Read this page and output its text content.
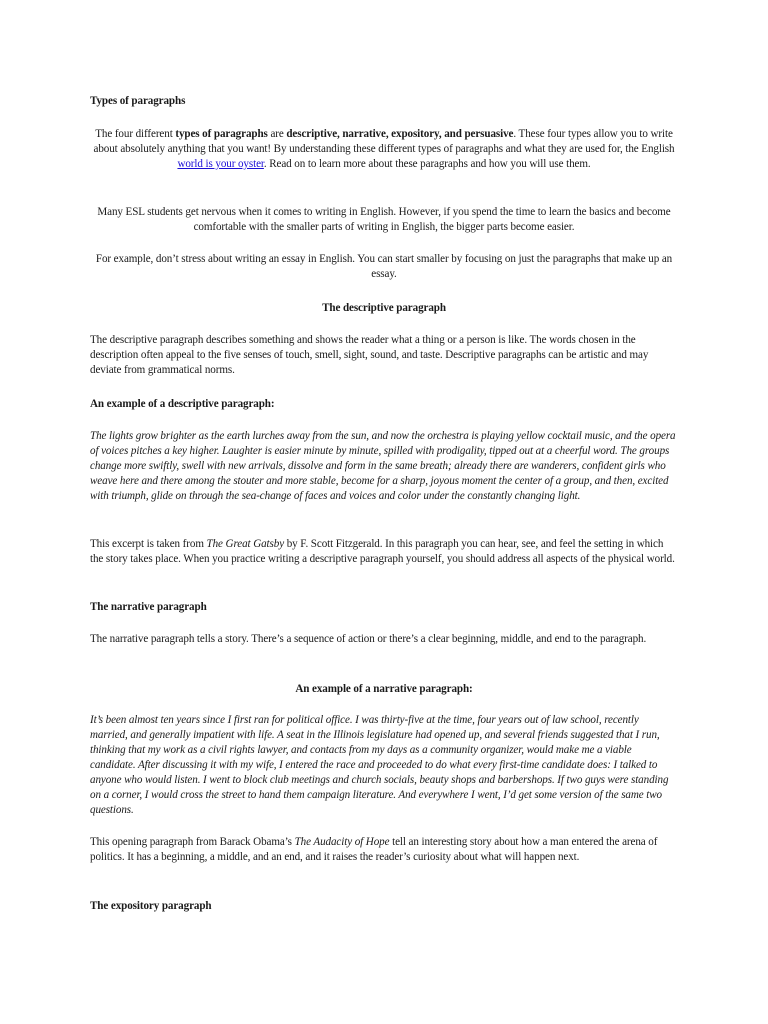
Types of paragraphs

The four different types of paragraphs are descriptive, narrative, expository, and persuasive. These four types allow you to write about absolutely anything that you want! By understanding these different types of paragraphs and what they are used for, the English world is your oyster. Read on to learn more about these paragraphs and how you will use them.

Many ESL students get nervous when it comes to writing in English. However, if you spend the time to learn the basics and become comfortable with the smaller parts of writing in English, the bigger parts become easier.

For example, don’t stress about writing an essay in English. You can start smaller by focusing on just the paragraphs that make up an essay.

The descriptive paragraph

The descriptive paragraph describes something and shows the reader what a thing or a person is like. The words chosen in the description often appeal to the five senses of touch, smell, sight, sound, and taste. Descriptive paragraphs can be artistic and may deviate from grammatical norms.

An example of a descriptive paragraph:

The lights grow brighter as the earth lurches away from the sun, and now the orchestra is playing yellow cocktail music, and the opera of voices pitches a key higher. Laughter is easier minute by minute, spilled with prodigality, tipped out at a cheerful word. The groups change more swiftly, swell with new arrivals, dissolve and form in the same breath; already there are wanderers, confident girls who weave here and there among the stouter and more stable, become for a sharp, joyous moment the center of a group, and then, excited with triumph, glide on through the sea-change of faces and voices and color under the constantly changing light.

This excerpt is taken from The Great Gatsby by F. Scott Fitzgerald. In this paragraph you can hear, see, and feel the setting in which the story takes place. When you practice writing a descriptive paragraph yourself, you should address all aspects of the physical world.

The narrative paragraph

The narrative paragraph tells a story. There’s a sequence of action or there’s a clear beginning, middle, and end to the paragraph.

An example of a narrative paragraph:

It’s been almost ten years since I first ran for political office. I was thirty-five at the time, four years out of law school, recently married, and generally impatient with life. A seat in the Illinois legislature had opened up, and several friends suggested that I run, thinking that my work as a civil rights lawyer, and contacts from my days as a community organizer, would make me a viable candidate. After discussing it with my wife, I entered the race and proceeded to do what every first-time candidate does: I talked to anyone who would listen. I went to block club meetings and church socials, beauty shops and barbershops. If two guys were standing on a corner, I would cross the street to hand them campaign literature. And everywhere I went, I’d get some version of the same two questions.

This opening paragraph from Barack Obama’s The Audacity of Hope tell an interesting story about how a man entered the arena of politics. It has a beginning, a middle, and an end, and it raises the reader’s curiosity about what will happen next.

The expository paragraph
